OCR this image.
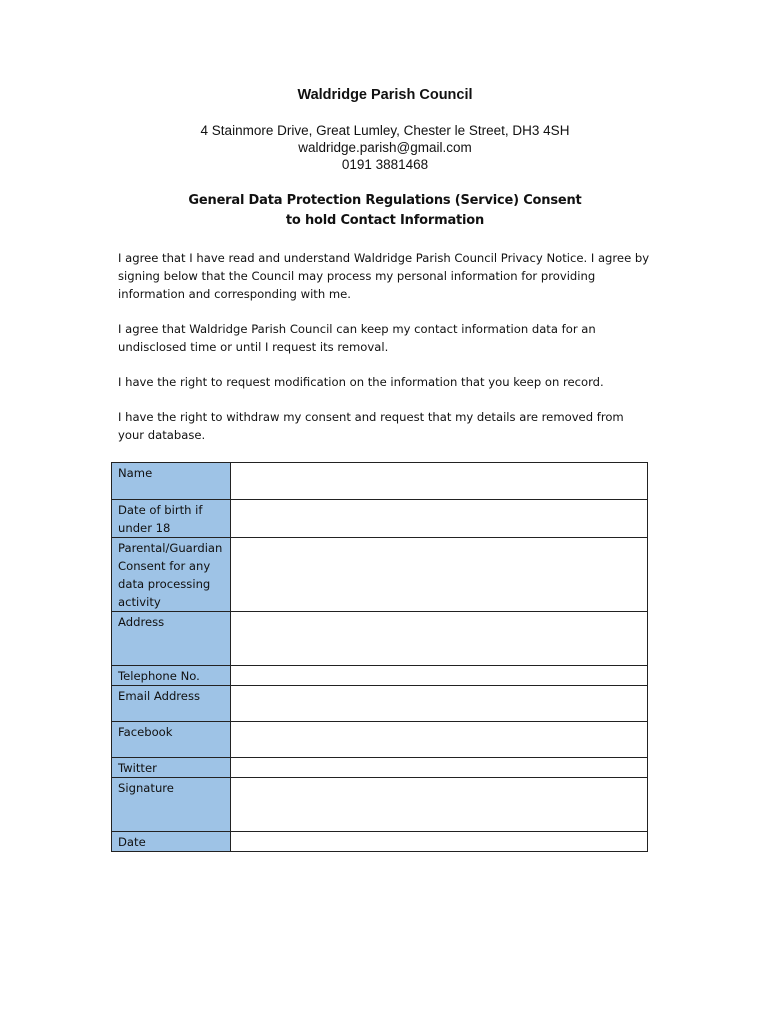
Waldridge Parish Council
4 Stainmore Drive, Great Lumley, Chester le Street, DH3 4SH
waldridge.parish@gmail.com
0191 3881468
General Data Protection Regulations (Service) Consent
to hold Contact Information

I agree that I have read and understand Waldridge Parish Council Privacy Notice. I agree by signing below that the Council may process my personal information for providing information and corresponding with me.

I agree that Waldridge Parish Council can keep my contact information data for an undisclosed time or until I request its removal.

I have the right to request modification on the information that you keep on record.

I have the right to withdraw my consent and request that my details are removed from your database.

Name	
Date of birth if under 18	
Parental/Guardian Consent for any data processing activity	
Address	
Telephone No.	
Email Address	
Facebook	
Twitter	
Signature	
Date	
